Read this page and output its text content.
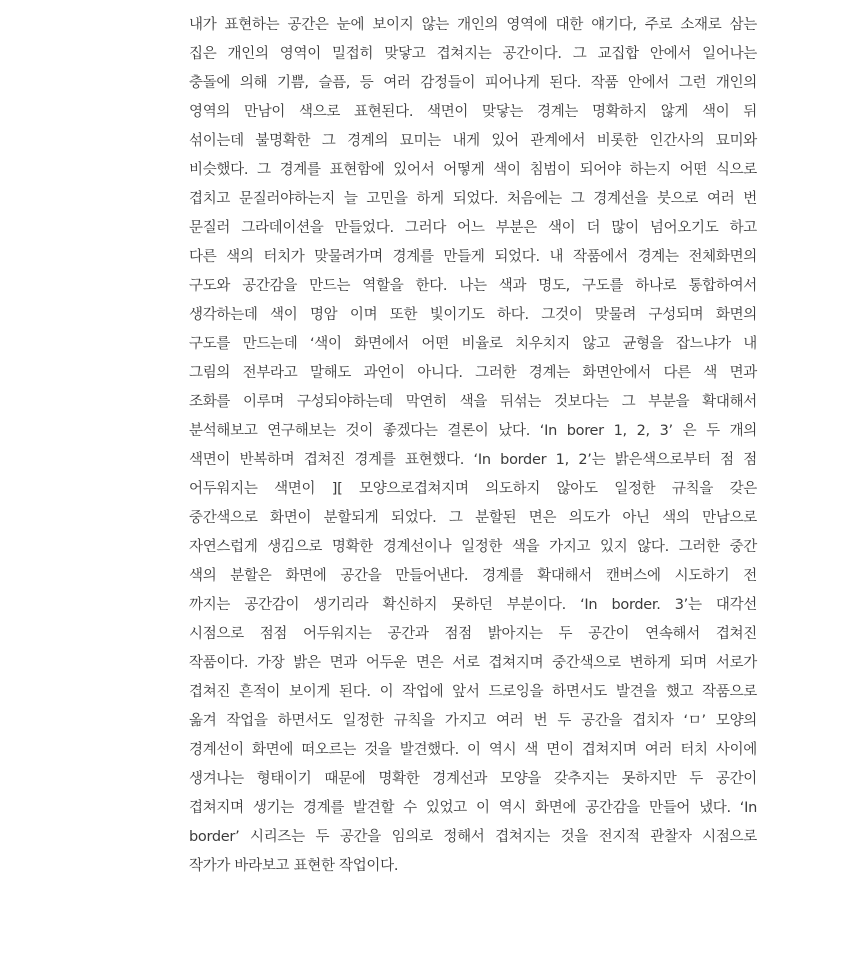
내가 표현하는 공간은 눈에 보이지 않는 개인의 영역에 대한 얘기다, 주로 소재로 삼는
집은 개인의 영역이 밀접히 맞닿고 겹쳐지는 공간이다. 그 교집합 안에서 일어나는
충돌에 의해 기쁨, 슬픔, 등 여러 감정들이 피어나게 된다. 작품 안에서 그런 개인의
영역의 만남이 색으로 표현된다. 색면이 맞닿는 경계는 명확하지 않게 색이 뒤
섞이는데 불명확한 그 경계의 묘미는 내게 있어 관계에서 비롯한 인간사의 묘미와
비슷했다. 그 경계를 표현함에 있어서 어떻게 색이 침범이 되어야 하는지 어떤 식으로
겹치고 문질러야하는지 늘 고민을 하게 되었다. 처음에는 그 경계선을 붓으로 여러 번
문질러 그라데이션을 만들었다. 그러다 어느 부분은 색이 더 많이 넘어오기도 하고
다른 색의 터치가 맞물려가며 경계를 만들게 되었다. 내 작품에서 경계는 전체화면의
구도와 공간감을 만드는 역할을 한다. 나는 색과 명도, 구도를 하나로 통합하여서
생각하는데 색이 명암 이며 또한 빛이기도 하다. 그것이 맞물려 구성되며 화면의
구도를 만드는데 ‘색이 화면에서 어떤 비율로 치우치지 않고 균형을 잡느냐가 내
그림의 전부라고 말해도 과언이 아니다. 그러한 경계는 화면안에서 다른 색 면과
조화를 이루며 구성되야하는데 막연히 색을 뒤섞는 것보다는 그 부분을 확대해서
분석해보고 연구해보는 것이 좋겠다는 결론이 났다. ‘In borer 1, 2, 3’ 은 두 개의
색면이 반복하며 겹쳐진 경계를 표현했다. ‘In border 1, 2’는 밝은색으로부터 점 점
어두워지는 색면이 ][ 모양으로겹쳐지며 의도하지 않아도 일정한 규칙을 갖은
중간색으로 화면이 분할되게 되었다. 그 분할된 면은 의도가 아닌 색의 만남으로
자연스럽게 생김으로 명확한 경계선이나 일정한 색을 가지고 있지 않다. 그러한 중간
색의 분할은 화면에 공간을 만들어낸다. 경계를 확대해서 캔버스에 시도하기 전
까지는 공간감이 생기리라 확신하지 못하던 부분이다. ‘In border. 3’는 대각선
시점으로 점점 어두워지는 공간과 점점 밝아지는 두 공간이 연속해서 겹쳐진
작품이다. 가장 밝은 면과 어두운 면은 서로 겹쳐지며 중간색으로 변하게 되며 서로가
겹쳐진 흔적이 보이게 된다. 이 작업에 앞서 드로잉을 하면서도 발견을 했고 작품으로
옮겨 작업을 하면서도 일정한 규칙을 가지고 여러 번 두 공간을 겹치자 ‘ㅁ’ 모양의
경계선이 화면에 떠오르는 것을 발견했다. 이 역시 색 면이 겹쳐지며 여러 터치 사이에
생겨나는 형태이기 때문에 명확한 경계선과 모양을 갖추지는 못하지만 두 공간이
겹쳐지며 생기는 경계를 발견할 수 있었고 이 역시 화면에 공간감을 만들어 냈다. ‘In
border’ 시리즈는 두 공간을 임의로 정해서 겹쳐지는 것을 전지적 관찰자 시점으로
작가가 바라보고 표현한 작업이다.
